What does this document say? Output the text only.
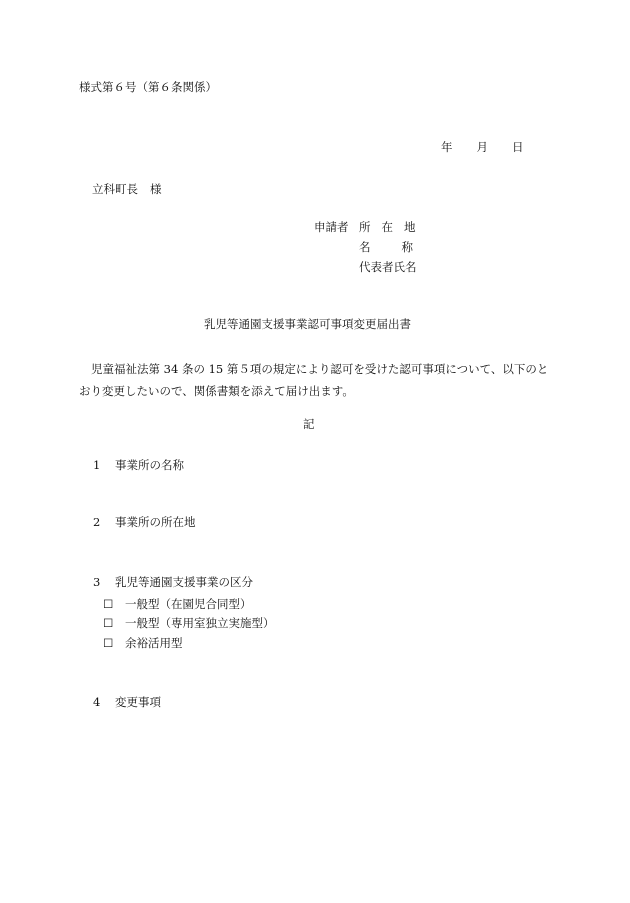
様式第６号（第６条関係）
年 月 日
立科町長 様
申請者 所在地
名称
代表者氏名
乳児等通園支援事業認可事項変更届出書
児童福祉法第 34 条の 15 第５項の規定により認可を受けた認可事項について、以下のと
おり変更したいので、関係書類を添えて届け出ます。
記
1 事業所の名称
2 事業所の所在地
3 乳児等通園支援事業の区分
☐ 一般型（在園児合同型）
☐ 一般型（専用室独立実施型）
☐ 余裕活用型
4 変更事項
